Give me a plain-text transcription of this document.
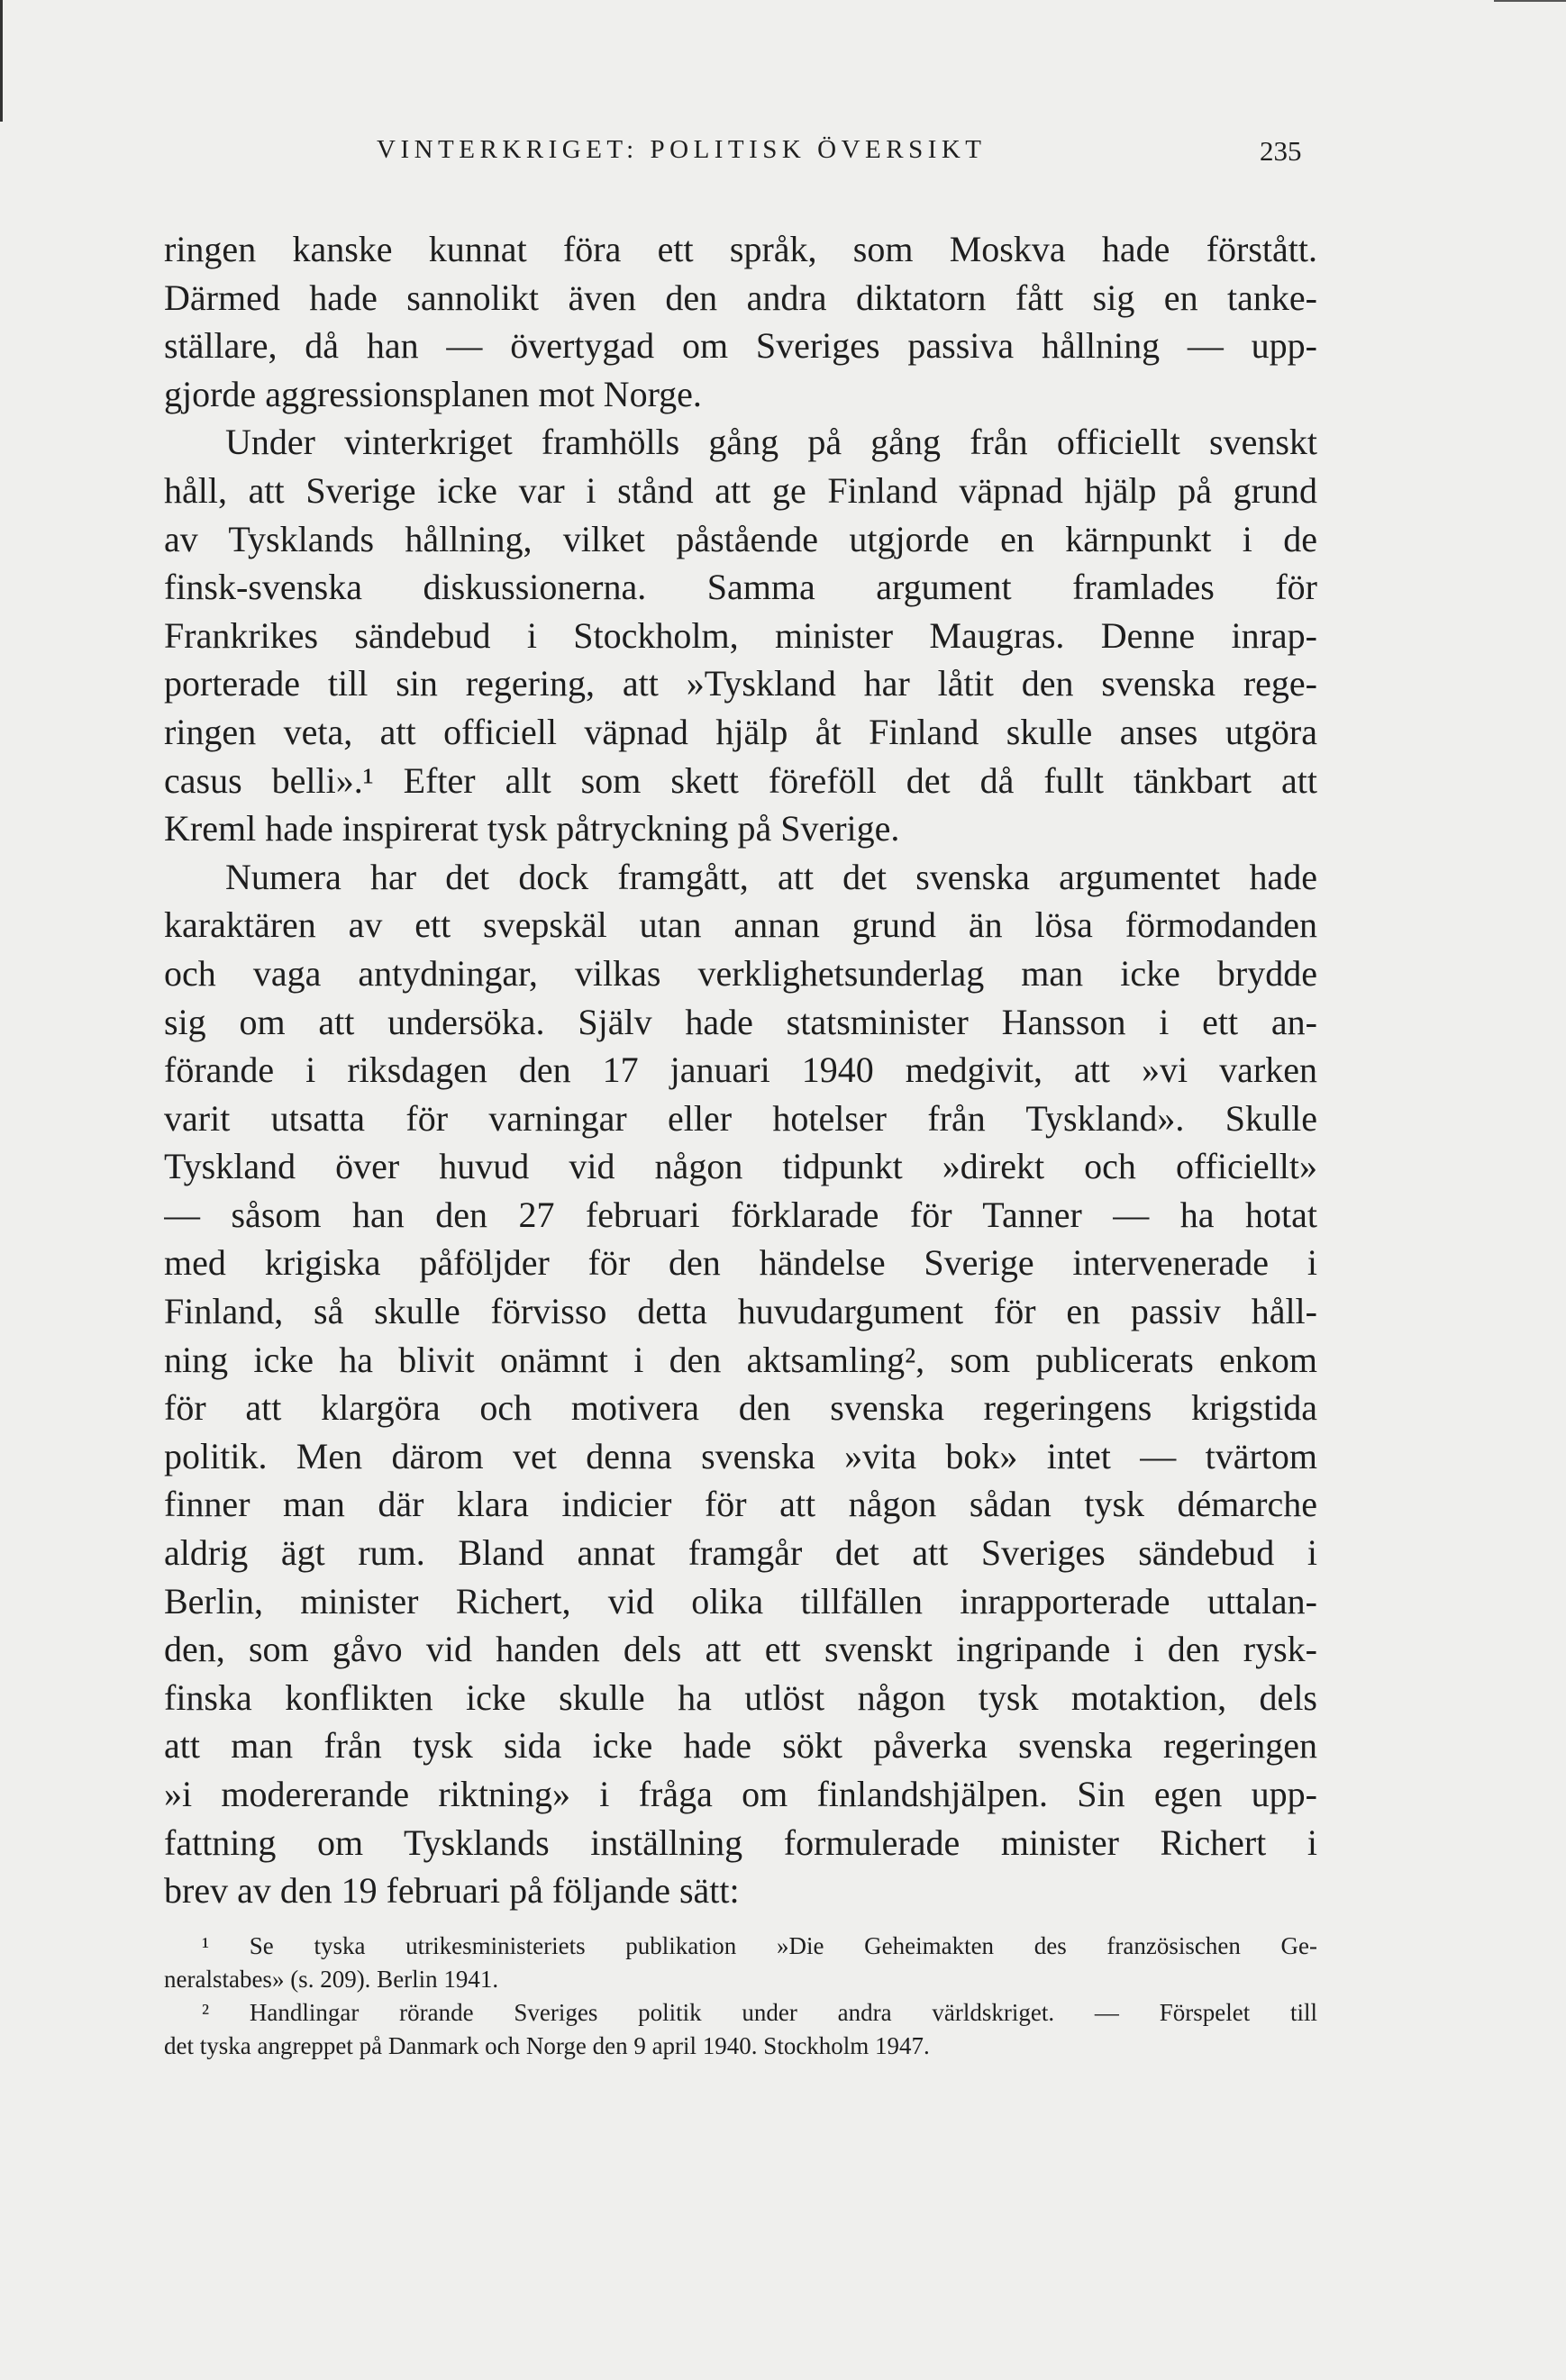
VINTERKRIGET: POLITISK ÖVERSIKT	235
ringen kanske kunnat föra ett språk, som Moskva hade förstått.
Därmed hade sannolikt även den andra diktatorn fått sig en tanke-
ställare, då han — övertygad om Sveriges passiva hållning — upp-
gjorde aggressionsplanen mot Norge.
Under vinterkriget framhölls gång på gång från officiellt svenskt
håll, att Sverige icke var i stånd att ge Finland väpnad hjälp på grund
av Tysklands hållning, vilket påstående utgjorde en kärnpunkt i de
finsk-svenska diskussionerna. Samma argument framlades för
Frankrikes sändebud i Stockholm, minister Maugras. Denne inrap-
porterade till sin regering, att »Tyskland har låtit den svenska rege-
ringen veta, att officiell väpnad hjälp åt Finland skulle anses utgöra
casus belli».¹ Efter allt som skett föreföll det då fullt tänkbart att
Kreml hade inspirerat tysk påtryckning på Sverige.
Numera har det dock framgått, att det svenska argumentet hade
karaktären av ett svepskäl utan annan grund än lösa förmodanden
och vaga antydningar, vilkas verklighetsunderlag man icke brydde
sig om att undersöka. Själv hade statsminister Hansson i ett an-
förande i riksdagen den 17 januari 1940 medgivit, att »vi varken
varit utsatta för varningar eller hotelser från Tyskland». Skulle
Tyskland över huvud vid någon tidpunkt »direkt och officiellt»
— såsom han den 27 februari förklarade för Tanner — ha hotat
med krigiska påföljder för den händelse Sverige intervenerade i
Finland, så skulle förvisso detta huvudargument för en passiv håll-
ning icke ha blivit onämnt i den aktsamling², som publicerats enkom
för att klargöra och motivera den svenska regeringens krigstida
politik. Men därom vet denna svenska »vita bok» intet — tvärtom
finner man där klara indicier för att någon sådan tysk démarche
aldrig ägt rum. Bland annat framgår det att Sveriges sändebud i
Berlin, minister Richert, vid olika tillfällen inrapporterade uttalan-
den, som gåvo vid handen dels att ett svenskt ingripande i den rysk-
finska konflikten icke skulle ha utlöst någon tysk motaktion, dels
att man från tysk sida icke hade sökt påverka svenska regeringen
»i modererande riktning» i fråga om finlandshjälpen. Sin egen upp-
fattning om Tysklands inställning formulerade minister Richert i
brev av den 19 februari på följande sätt:
¹ Se tyska utrikesministeriets publikation »Die Geheimakten des französischen Ge-
neralstabes» (s. 209). Berlin 1941.
² Handlingar rörande Sveriges politik under andra världskriget. — Förspelet till
det tyska angreppet på Danmark och Norge den 9 april 1940. Stockholm 1947.
